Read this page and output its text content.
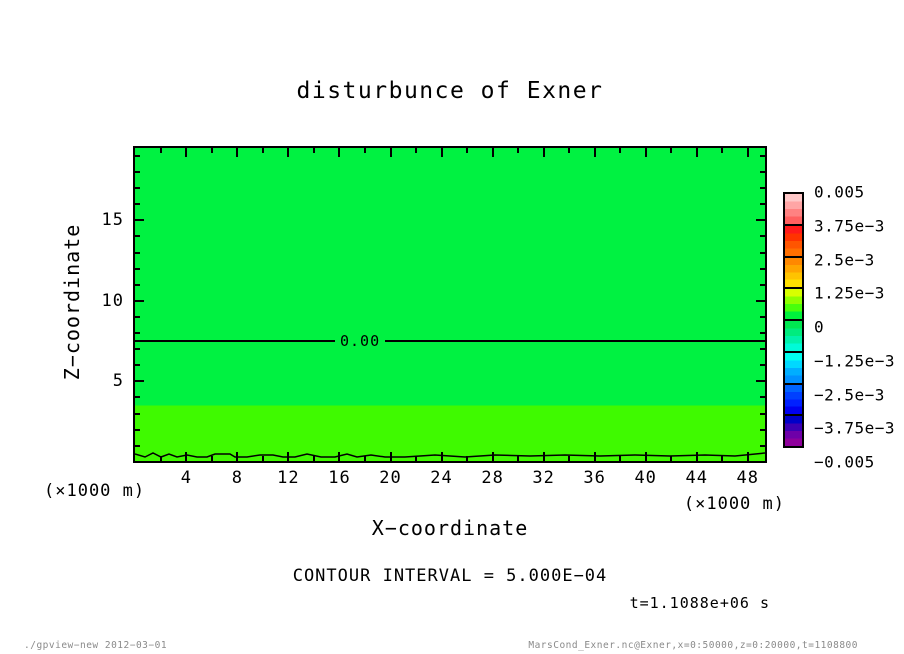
disturbunce of Exner
0.00
4 8 12 16 20 24 28 32 36 40 44 48
5
10
15
Z−coordinate
X−coordinate
(×1000 m)
(×1000 m)
CONTOUR INTERVAL = 5.000E−04
t=1.1088e+06 s
0.005
3.75e−3
2.5e−3
1.25e−3
0
−1.25e−3
−2.5e−3
−3.75e−3
−0.005
./gpview−new 2012−03−01	MarsCond_Exner.nc@Exner,x=0:50000,z=0:20000,t=1108800
